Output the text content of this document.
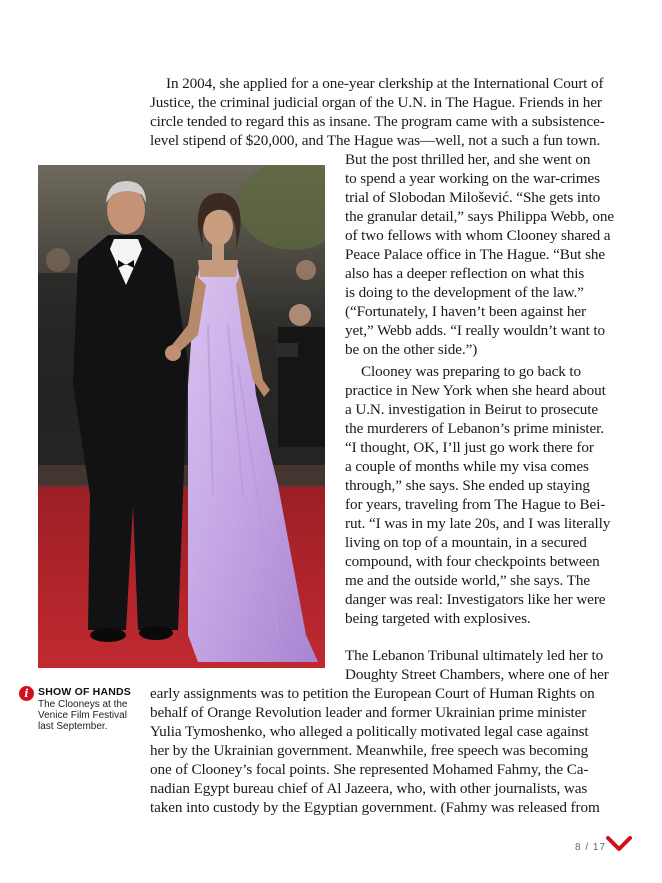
In 2004, she applied for a one-year clerkship at the International Court of

Justice, the criminal judicial organ of the U.N. in The Hague. Friends in her

circle tended to regard this as insane. The program came with a subsistence-

level stipend of $20,000, and The Hague was—well, not a such a fun town.

But the post thrilled her, and she went on

to spend a year working on the war-crimes

trial of Slobodan Milošević. “She gets into

the granular detail,” says Philippa Webb, one

of two fellows with whom Clooney shared a

Peace Palace office in The Hague. “But she

also has a deeper reflection on what this

is doing to the development of the law.”

(“Fortunately, I haven’t been against her

yet,” Webb adds. “I really wouldn’t want to

be on the other side.”)

Clooney was preparing to go back to

practice in New York when she heard about

a U.N. investigation in Beirut to prosecute

the murderers of Lebanon’s prime minister.

“I thought, OK, I’ll just go work there for

a couple of months while my visa comes

through,” she says. She ended up staying

for years, traveling from The Hague to Bei-

rut. “I was in my late 20s, and I was literally

living on top of a mountain, in a secured

compound, with four checkpoints between

me and the outside world,” she says. The

danger was real: Investigators like her were

being targeted with explosives.

The Lebanon Tribunal ultimately led her to

Doughty Street Chambers, where one of her

early assignments was to petition the European Court of Human Rights on

behalf of Orange Revolution leader and former Ukrainian prime minister

Yulia Tymoshenko, who alleged a politically motivated legal case against

her by the Ukrainian government. Meanwhile, free speech was becoming

one of Clooney’s focal points. She represented Mohamed Fahmy, the Ca-

nadian Egypt bureau chief of Al Jazeera, who, with other journalists, was

taken into custody by the Egyptian government. (Fahmy was released from

i SHOW OF HANDS
The Clooneys at the
Venice Film Festival
last September.
8 / 17
